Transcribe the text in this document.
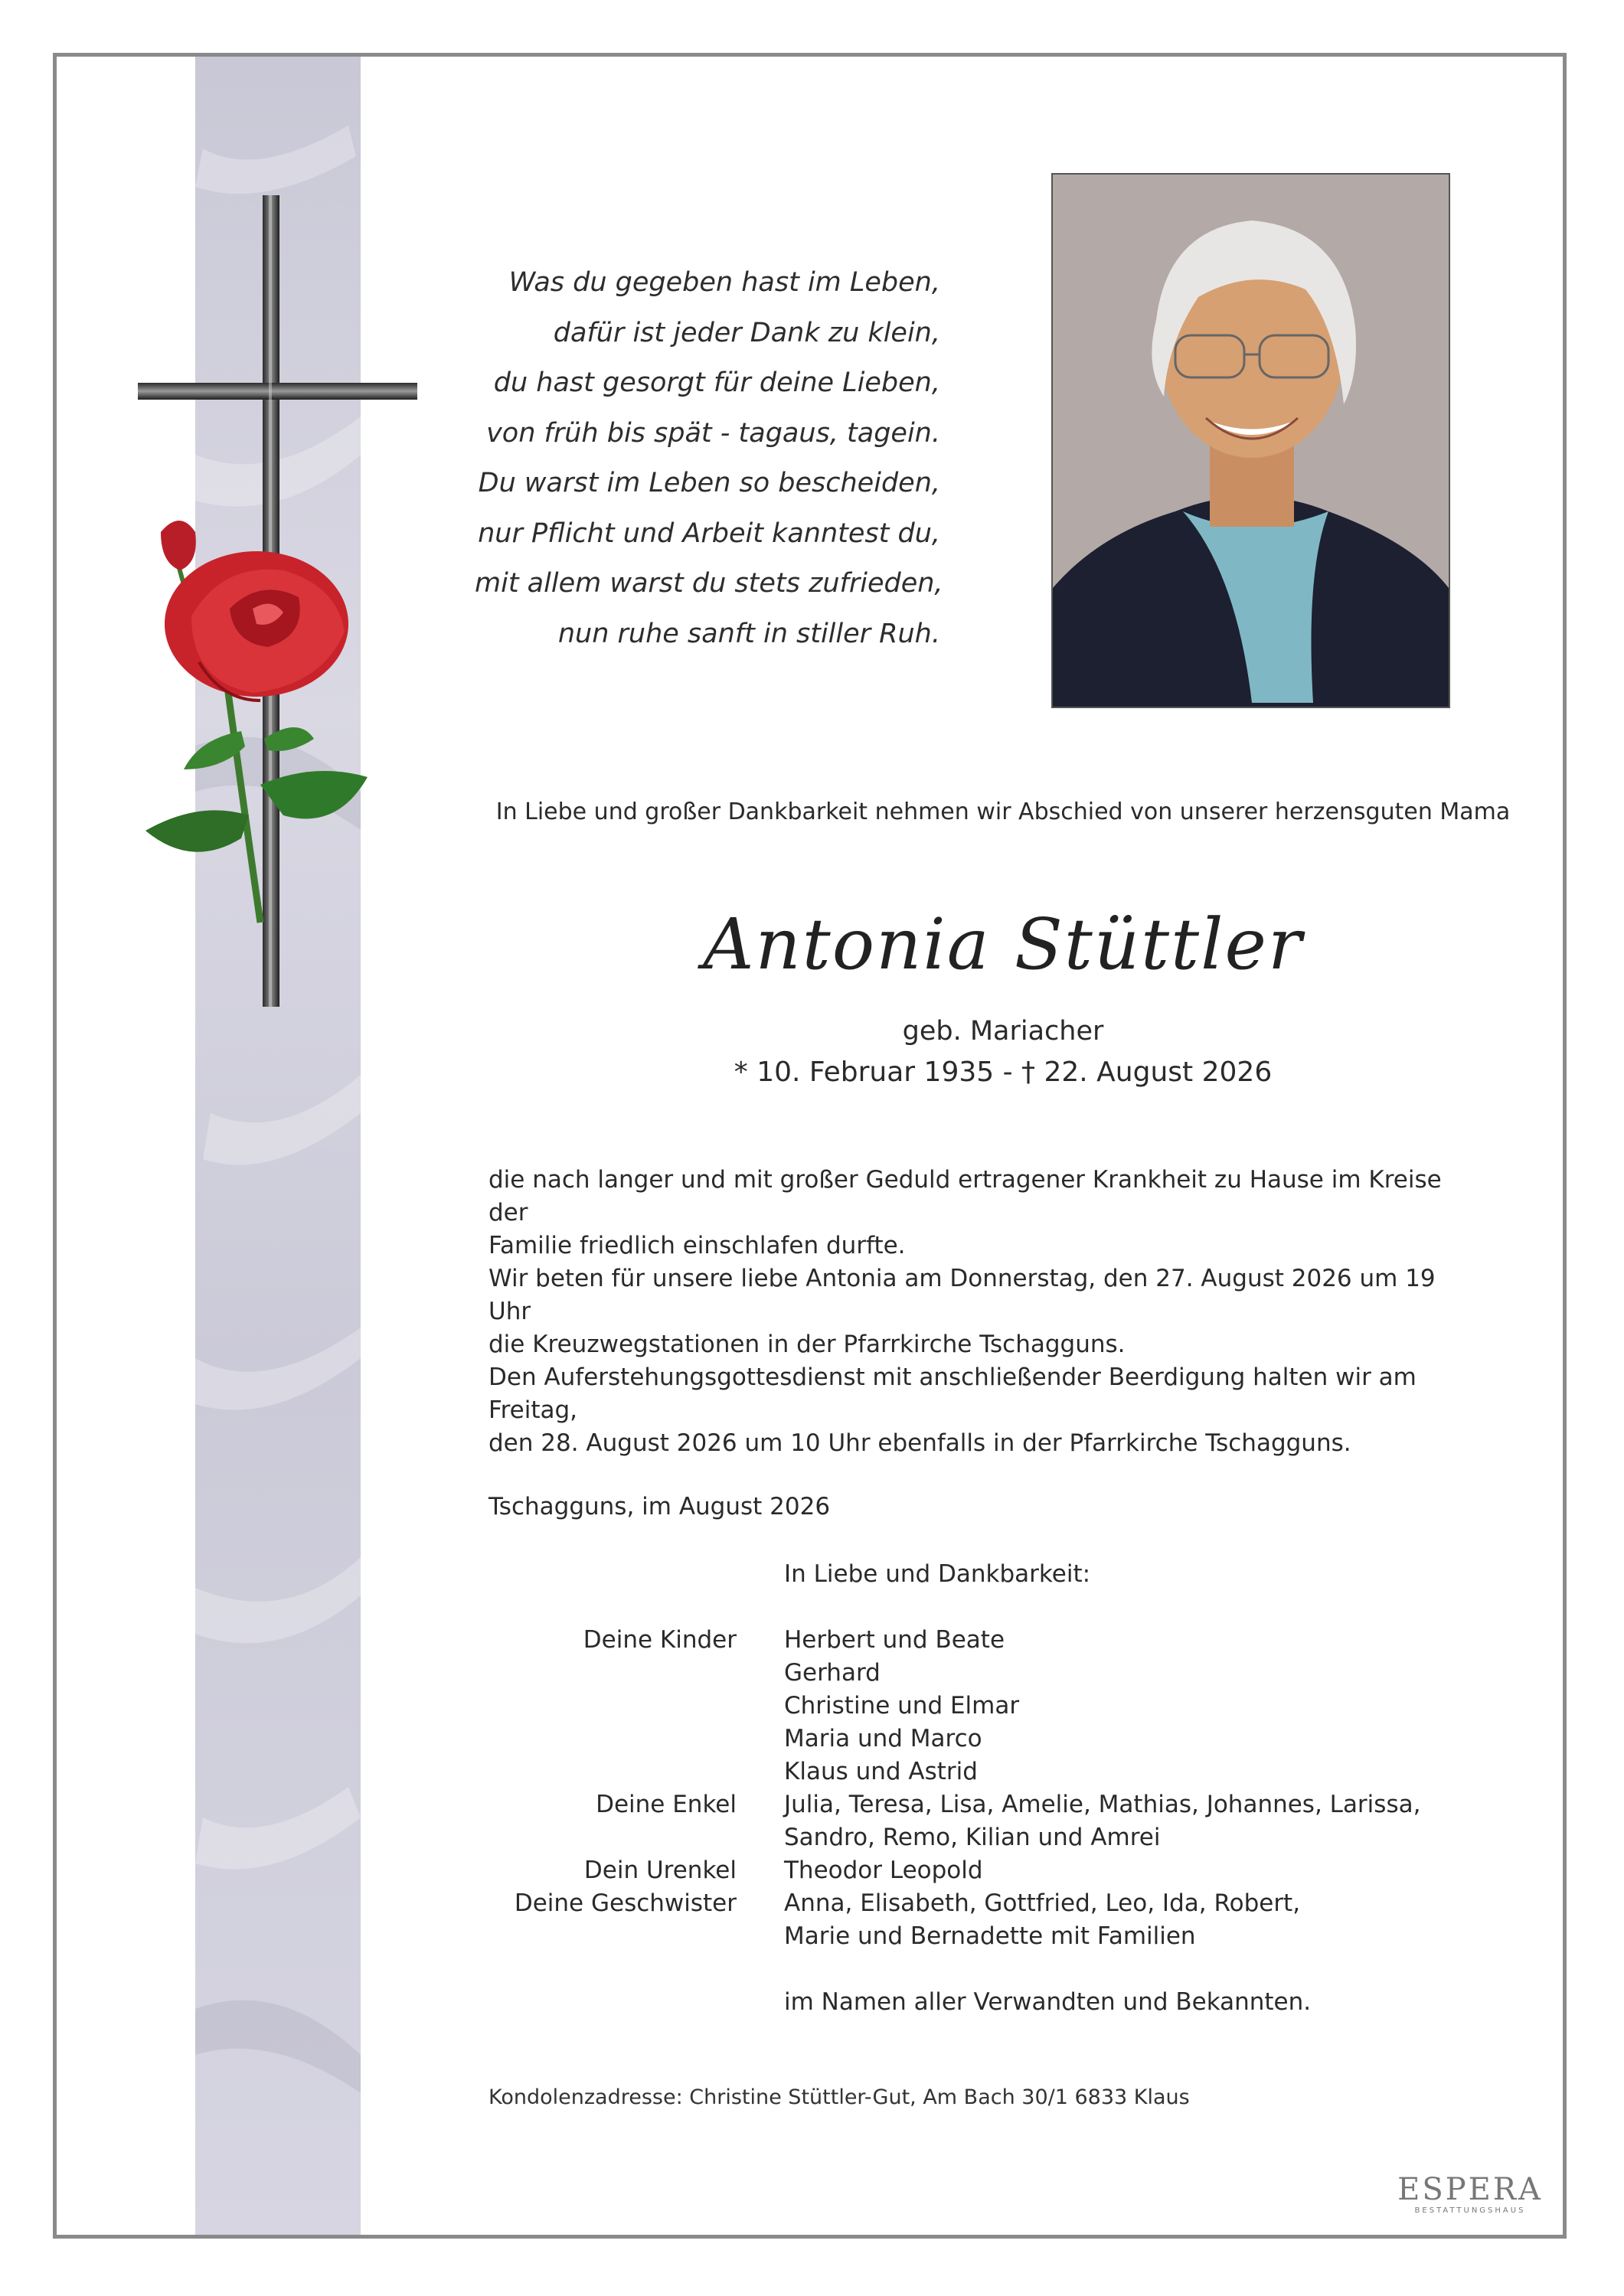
Was du gegeben hast im Leben,
dafür ist jeder Dank zu klein,
du hast gesorgt für deine Lieben,
von früh bis spät - tagaus, tagein.
Du warst im Leben so bescheiden,
nur Pflicht und Arbeit kanntest du,
mit allem warst du stets zufrieden,
nun ruhe sanft in stiller Ruh.
In Liebe und großer Dankbarkeit nehmen wir Abschied von unserer herzensguten Mama
Antonia Stüttler
geb. Mariacher
* 10. Februar 1935 - † 22. August 2026
die nach langer und mit großer Geduld ertragener Krankheit zu Hause im Kreise der
Familie friedlich einschlafen durfte.
Wir beten für unsere liebe Antonia am Donnerstag, den 27. August 2026 um 19 Uhr
die Kreuzwegstationen in der Pfarrkirche Tschagguns.
Den Auferstehungsgottesdienst mit anschließender Beerdigung halten wir am Freitag,
den 28. August 2026 um 10 Uhr ebenfalls in der Pfarrkirche Tschagguns.
Tschagguns, im August 2026
In Liebe und Dankbarkeit:

Deine Kinder Herbert und Beate
Gerhard
Christine und Elmar
Maria und Marco
Klaus und Astrid
Deine Enkel Julia, Teresa, Lisa, Amelie, Mathias, Johannes, Larissa,
Sandro, Remo, Kilian und Amrei
Dein Urenkel Theodor Leopold
Deine Geschwister Anna, Elisabeth, Gottfried, Leo, Ida, Robert,
Marie und Bernadette mit Familien

im Namen aller Verwandten und Bekannten.
Kondolenzadresse: Christine Stüttler-Gut, Am Bach 30/1 6833 Klaus
ESPERA
BESTATTUNGSHAUS
